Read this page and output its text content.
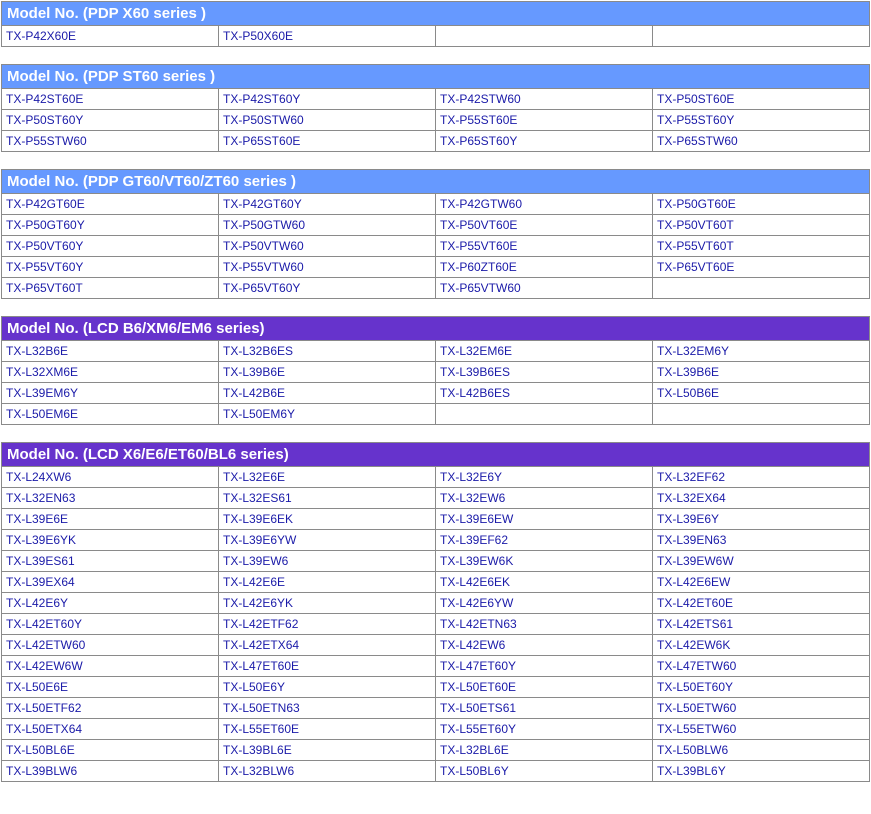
Model No. (PDP X60 series )
TX-P42X60E	TX-P50X60E		
Model No. (PDP ST60 series )			
TX-P42ST60E	TX-P42ST60Y	TX-P42STW60	TX-P50ST60E
TX-P50ST60Y	TX-P50STW60	TX-P55ST60E	TX-P55ST60Y
TX-P55STW60	TX-P65ST60E	TX-P65ST60Y	TX-P65STW60
Model No. (PDP GT60/VT60/ZT60 series )			
TX-P42GT60E	TX-P42GT60Y	TX-P42GTW60	TX-P50GT60E
TX-P50GT60Y	TX-P50GTW60	TX-P50VT60E	TX-P50VT60T
TX-P50VT60Y	TX-P50VTW60	TX-P55VT60E	TX-P55VT60T
TX-P55VT60Y	TX-P55VTW60	TX-P60ZT60E	TX-P65VT60E
TX-P65VT60T	TX-P65VT60Y	TX-P65VTW60	
Model No. (LCD B6/XM6/EM6 series)			
TX-L32B6E	TX-L32B6ES	TX-L32EM6E	TX-L32EM6Y
TX-L32XM6E	TX-L39B6E	TX-L39B6ES	TX-L39B6E
TX-L39EM6Y	TX-L42B6E	TX-L42B6ES	TX-L50B6E
TX-L50EM6E	TX-L50EM6Y		
Model No. (LCD X6/E6/ET60/BL6 series)			
TX-L24XW6	TX-L32E6E	TX-L32E6Y	TX-L32EF62
TX-L32EN63	TX-L32ES61	TX-L32EW6	TX-L32EX64
TX-L39E6E	TX-L39E6EK	TX-L39E6EW	TX-L39E6Y
TX-L39E6YK	TX-L39E6YW	TX-L39EF62	TX-L39EN63
TX-L39ES61	TX-L39EW6	TX-L39EW6K	TX-L39EW6W
TX-L39EX64	TX-L42E6E	TX-L42E6EK	TX-L42E6EW
TX-L42E6Y	TX-L42E6YK	TX-L42E6YW	TX-L42ET60E
TX-L42ET60Y	TX-L42ETF62	TX-L42ETN63	TX-L42ETS61
TX-L42ETW60	TX-L42ETX64	TX-L42EW6	TX-L42EW6K
TX-L42EW6W	TX-L47ET60E	TX-L47ET60Y	TX-L47ETW60
TX-L50E6E	TX-L50E6Y	TX-L50ET60E	TX-L50ET60Y
TX-L50ETF62	TX-L50ETN63	TX-L50ETS61	TX-L50ETW60
TX-L50ETX64	TX-L55ET60E	TX-L55ET60Y	TX-L55ETW60
TX-L50BL6E	TX-L39BL6E	TX-L32BL6E	TX-L50BLW6
TX-L39BLW6	TX-L32BLW6	TX-L50BL6Y	TX-L39BL6Y
